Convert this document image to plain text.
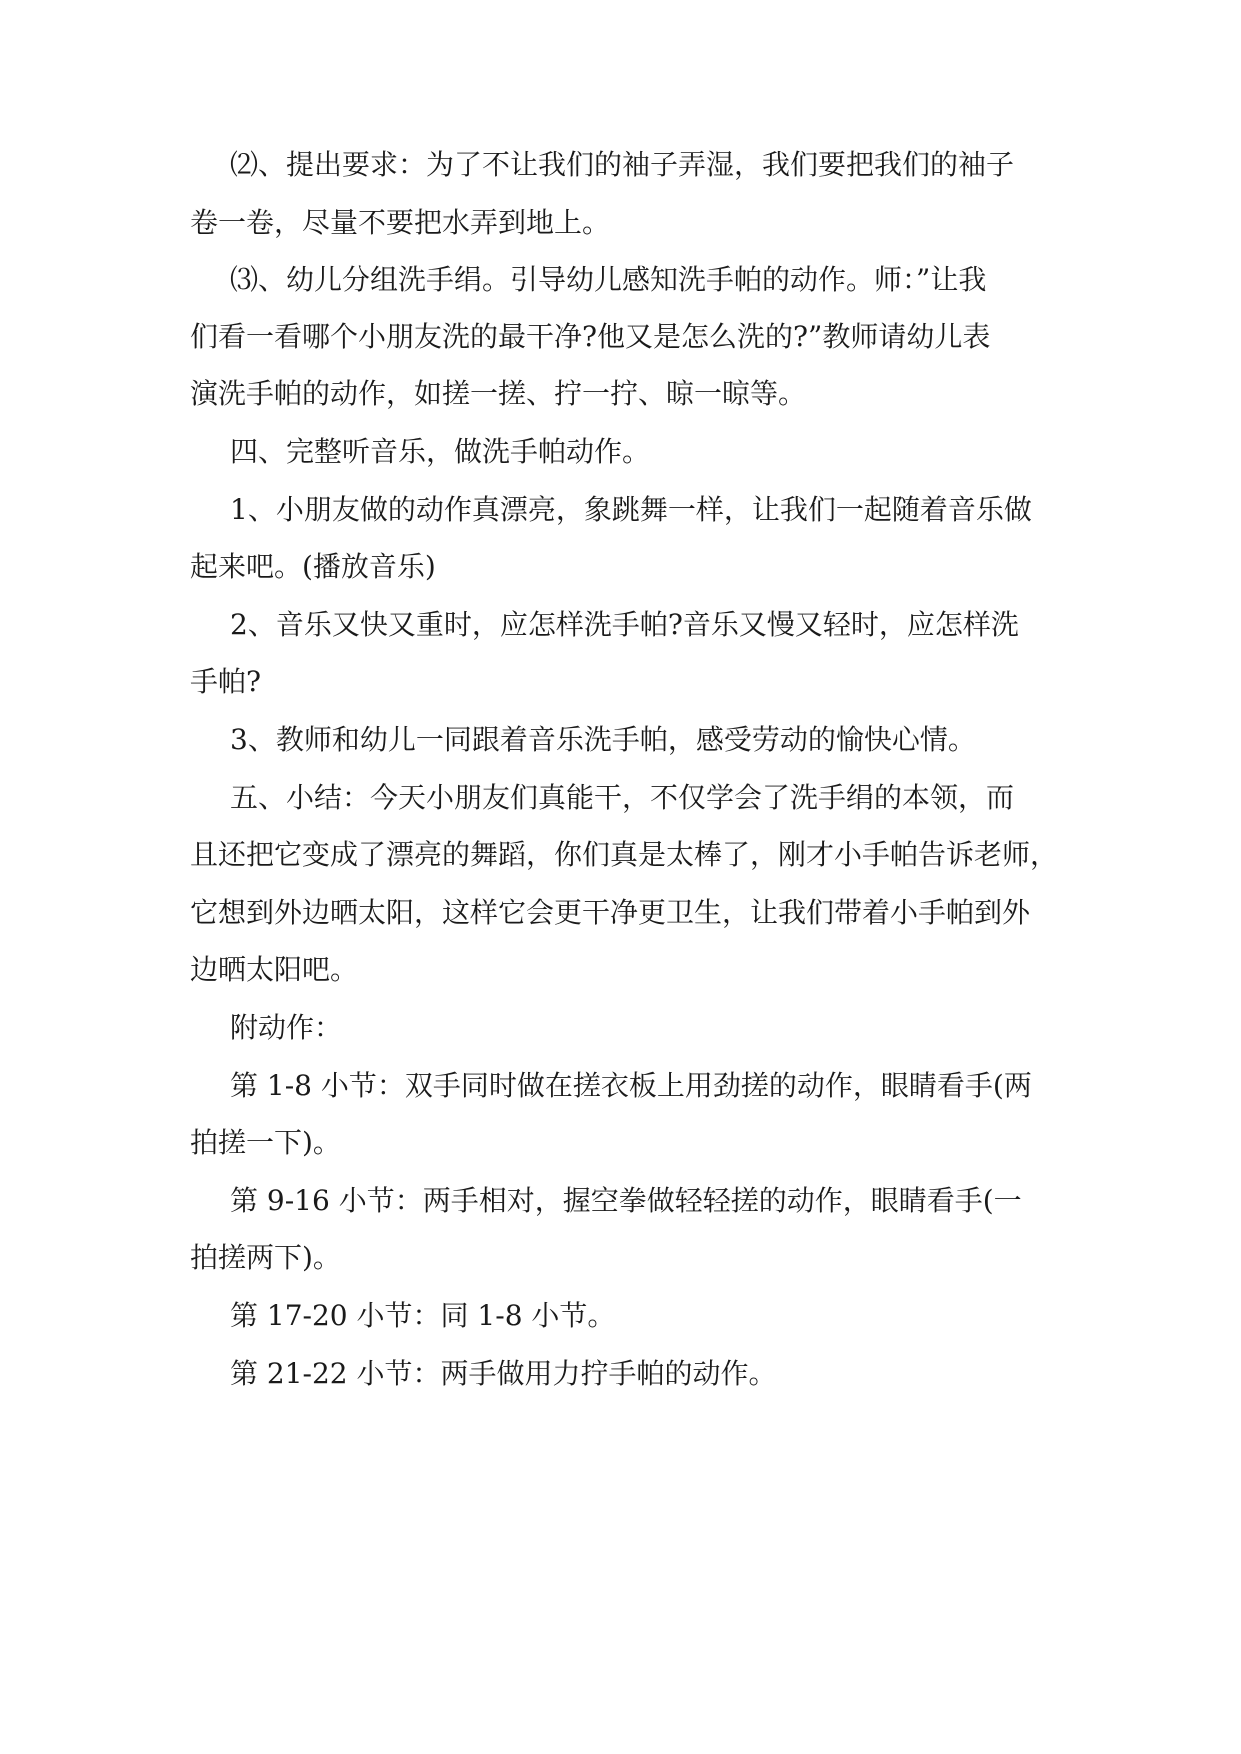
⑵、提出要求：为了不让我们的袖子弄湿，我们要把我们的袖子
卷一卷，尽量不要把水弄到地上。
⑶、幼儿分组洗手绢。引导幼儿感知洗手帕的动作。师：”让我
们看一看哪个小朋友洗的最干净?他又是怎么洗的?”教师请幼儿表
演洗手帕的动作，如搓一搓、拧一拧、晾一晾等。
四、完整听音乐，做洗手帕动作。
1、小朋友做的动作真漂亮，象跳舞一样，让我们一起随着音乐做
起来吧。(播放音乐)
2、音乐又快又重时，应怎样洗手帕?音乐又慢又轻时，应怎样洗
手帕?
3、教师和幼儿一同跟着音乐洗手帕，感受劳动的愉快心情。
五、小结：今天小朋友们真能干，不仅学会了洗手绢的本领，而
且还把它变成了漂亮的舞蹈，你们真是太棒了，刚才小手帕告诉老师，
它想到外边晒太阳，这样它会更干净更卫生，让我们带着小手帕到外
边晒太阳吧。
附动作：
第 1-8 小节：双手同时做在搓衣板上用劲搓的动作，眼睛看手(两
拍搓一下)。
第 9-16 小节：两手相对，握空拳做轻轻搓的动作，眼睛看手(一
拍搓两下)。
第 17-20 小节：同 1-8 小节。
第 21-22 小节：两手做用力拧手帕的动作。
